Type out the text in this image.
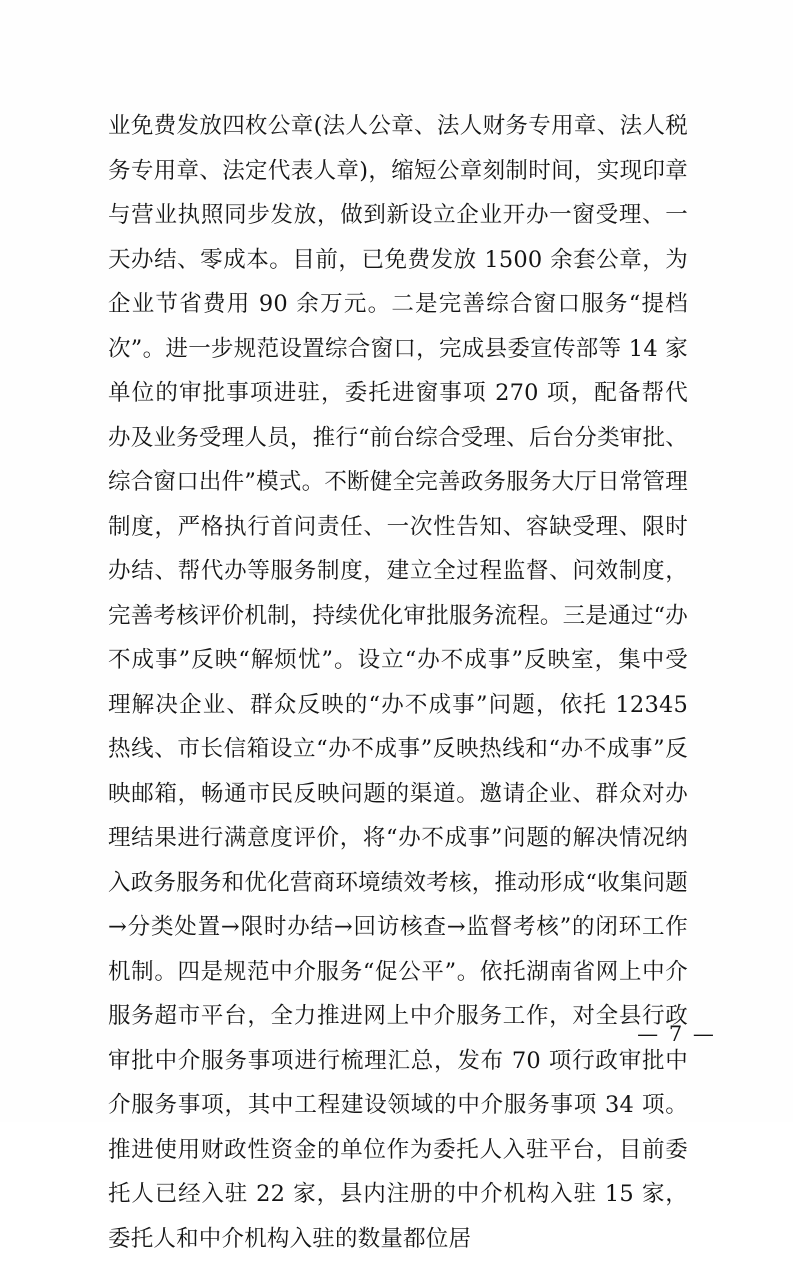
业免费发放四枚公章(法人公章、法人财务专用章、法人税务专用章、法定代表人章)，缩短公章刻制时间，实现印章与营业执照同步发放，做到新设立企业开办一窗受理、一天办结、零成本。目前，已免费发放 1500 余套公章，为企业节省费用 90 余万元。二是完善综合窗口服务“提档次”。进一步规范设置综合窗口，完成县委宣传部等 14 家单位的审批事项进驻，委托进窗事项 270 项，配备帮代办及业务受理人员，推行“前台综合受理、后台分类审批、综合窗口出件”模式。不断健全完善政务服务大厅日常管理制度，严格执行首问责任、一次性告知、容缺受理、限时办结、帮代办等服务制度，建立全过程监督、问效制度，完善考核评价机制，持续优化审批服务流程。三是通过“办不成事”反映“解烦忧”。设立“办不成事”反映室，集中受理解决企业、群众反映的“办不成事”问题，依托 12345 热线、市长信箱设立“办不成事”反映热线和“办不成事”反映邮箱，畅通市民反映问题的渠道。邀请企业、群众对办理结果进行满意度评价，将“办不成事”问题的解决情况纳入政务服务和优化营商环境绩效考核，推动形成“收集问题→分类处置→限时办结→回访核查→监督考核”的闭环工作机制。四是规范中介服务“促公平”。依托湖南省网上中介服务超市平台，全力推进网上中介服务工作，对全县行政审批中介服务事项进行梳理汇总，发布 70 项行政审批中介服务事项，其中工程建设领域的中介服务事项 34 项。推进使用财政性资金的单位作为委托人入驻平台，目前委托人已经入驻 22 家，县内注册的中介机构入驻 15 家，委托人和中介机构入驻的数量都位居

— 7 —
